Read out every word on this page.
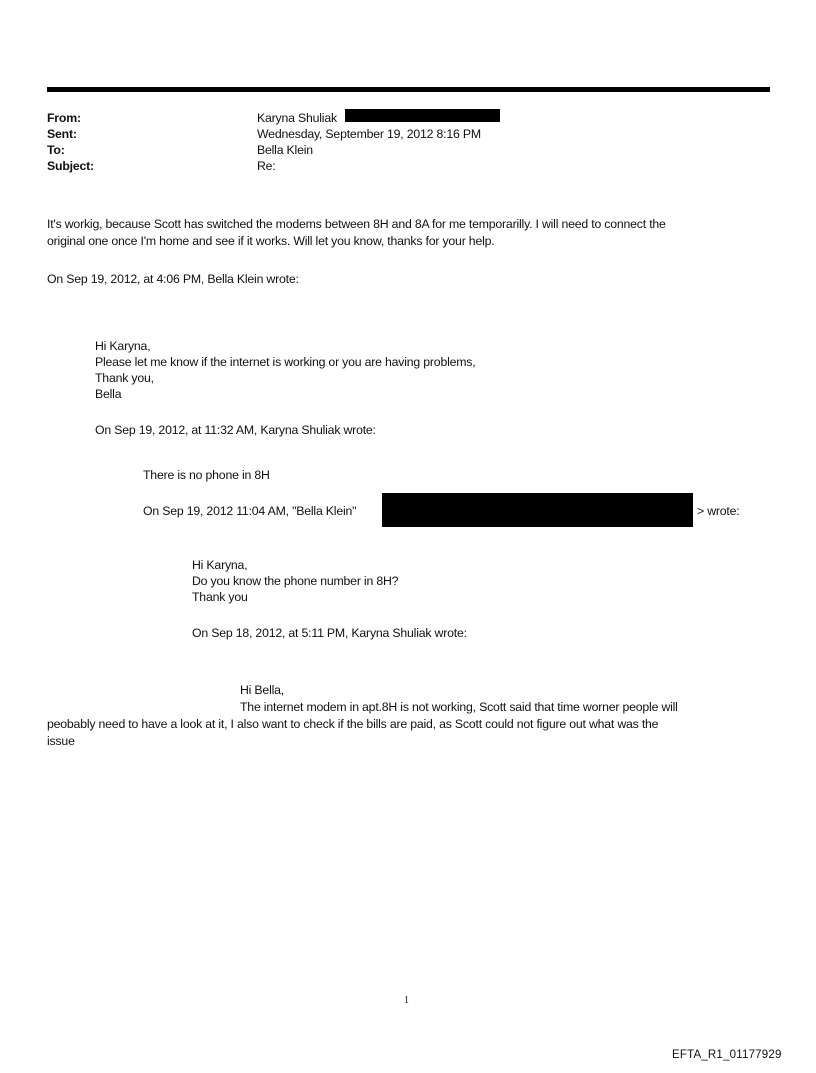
From:	Karyna Shuliak
Sent:	Wednesday, September 19, 2012 8:16 PM
To:	Bella Klein
Subject:	Re:
It's workig, because Scott has switched the modems between 8H and 8A for me temporarilly. I will need to connect the
original one once I'm home and see if it works. Will let you know, thanks for your help.
On Sep 19, 2012, at 4:06 PM, Bella Klein wrote:
Hi Karyna,
Please let me know if the internet is working or you are having problems,
Thank you,
Bella
On Sep 19, 2012, at 11:32 AM, Karyna Shuliak wrote:
There is no phone in 8H
On Sep 19, 2012 11:04 AM, "Bella Klein"	> wrote:
Hi Karyna,
Do you know the phone number in 8H?
Thank you
On Sep 18, 2012, at 5:11 PM, Karyna Shuliak wrote:
Hi Bella,
The internet modem in apt.8H is not working, Scott said that time worner people will
peobably need to have a look at it, I also want to check if the bills are paid, as Scott could not figure out what was the
issue
1
EFTA_R1_01177929
